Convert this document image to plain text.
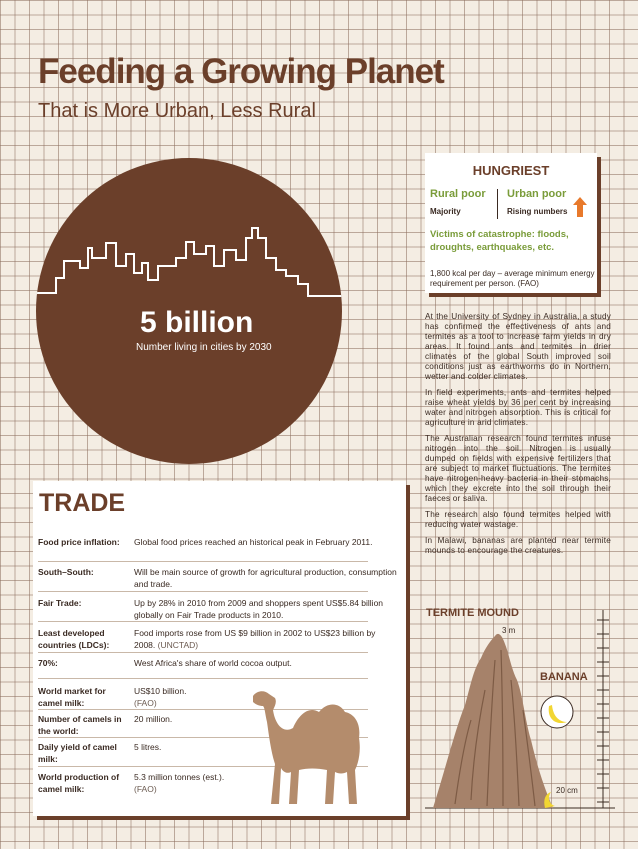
Feeding a Growing Planet
That is More Urban, Less Rural
5 billion
Number living in cities by 2030
HUNGRIEST
Rural poor Urban poor
Majority	Rising numbers
Victims of catastrophe: floods, droughts, earthquakes, etc.
1,800 kcal per day – average minimum energy requirement per person. (FAO)

At the University of Sydney in Australia, a study has confirmed the effectiveness of ants and termites as a tool to increase farm yields in dry areas. It found ants and termites in drier climates of the global South improved soil conditions just as earthworms do in Northern, wetter and colder climates.

In field experiments, ants and termites helped raise wheat yields by 36 per cent by increasing water and nitrogen absorption. This is critical for agriculture in arid climates.

The Australian research found termites infuse nitrogen into the soil. Nitrogen is usually dumped on fields with expensive fertilizers that are subject to market fluctuations. The termites have nitrogen-heavy bacteria in their stomachs, which they excrete into the soil through their faeces or saliva.

The research also found termites helped with reducing water wastage.

In Malawi, bananas are planted near termite mounds to encourage the creatures.

TERMITE MOUND
3 m
BANANA
20 cm
TRADE
Food price inflation:	Global food prices reached an historical peak in February 2011.
South–South:	Will be main source of growth for agricultural production, consumption and trade.
Fair Trade:	Up by 28% in 2010 from 2009 and shoppers spent US$5.84 billion globally on Fair Trade products in 2010.
Least developed countries (LDCs):
Food imports rose from US $9 billion in 2002 to US$23 billion by 2008. (UNCTAD)
70%:	West Africa's share of world cocoa output.
World market for camel milk:
US$10 billion.
(FAO)
Number of camels in the world:
20 million.
Daily yield of camel milk:
5 litres.
World production of camel milk:
5.3 million tonnes (est.).
(FAO)
